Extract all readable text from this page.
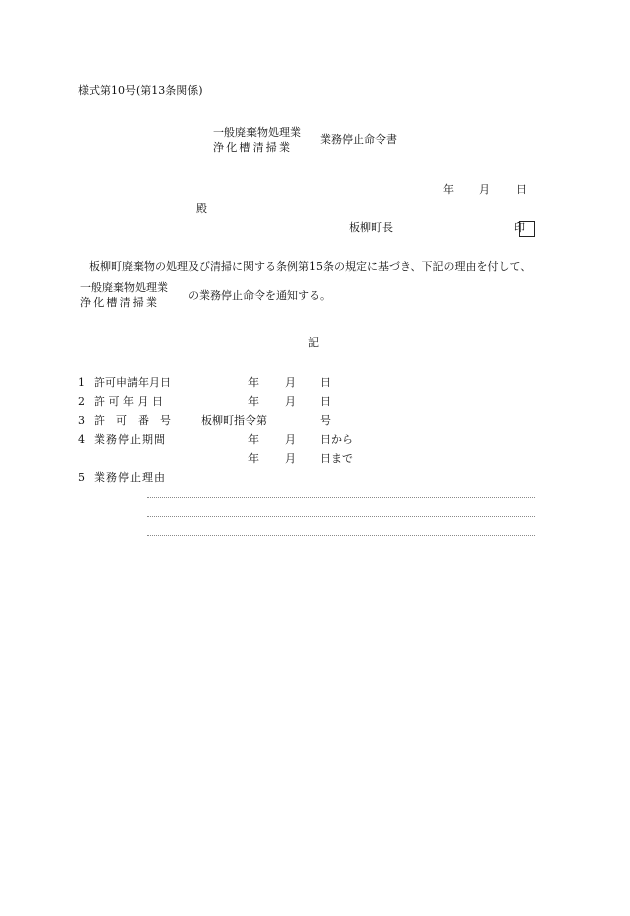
様式第10号(第13条関係)
一般廃棄物処理業
浄化槽清掃業
業務停止命令書
年 月 日
殿
板柳町長	印
板柳町廃棄物の処理及び清掃に関する条例第15条の規定に基づき、下記の理由を付して、
一般廃棄物処理業
浄化槽清掃業
の業務停止命令を通知する。
記
1 許可申請年月日	年 月 日
2 許可年月日	年 月 日
3 許可番号 板柳町指令第	号
4 業務停止期間	年 月 日から
年 月 日まで
5 業務停止理由
